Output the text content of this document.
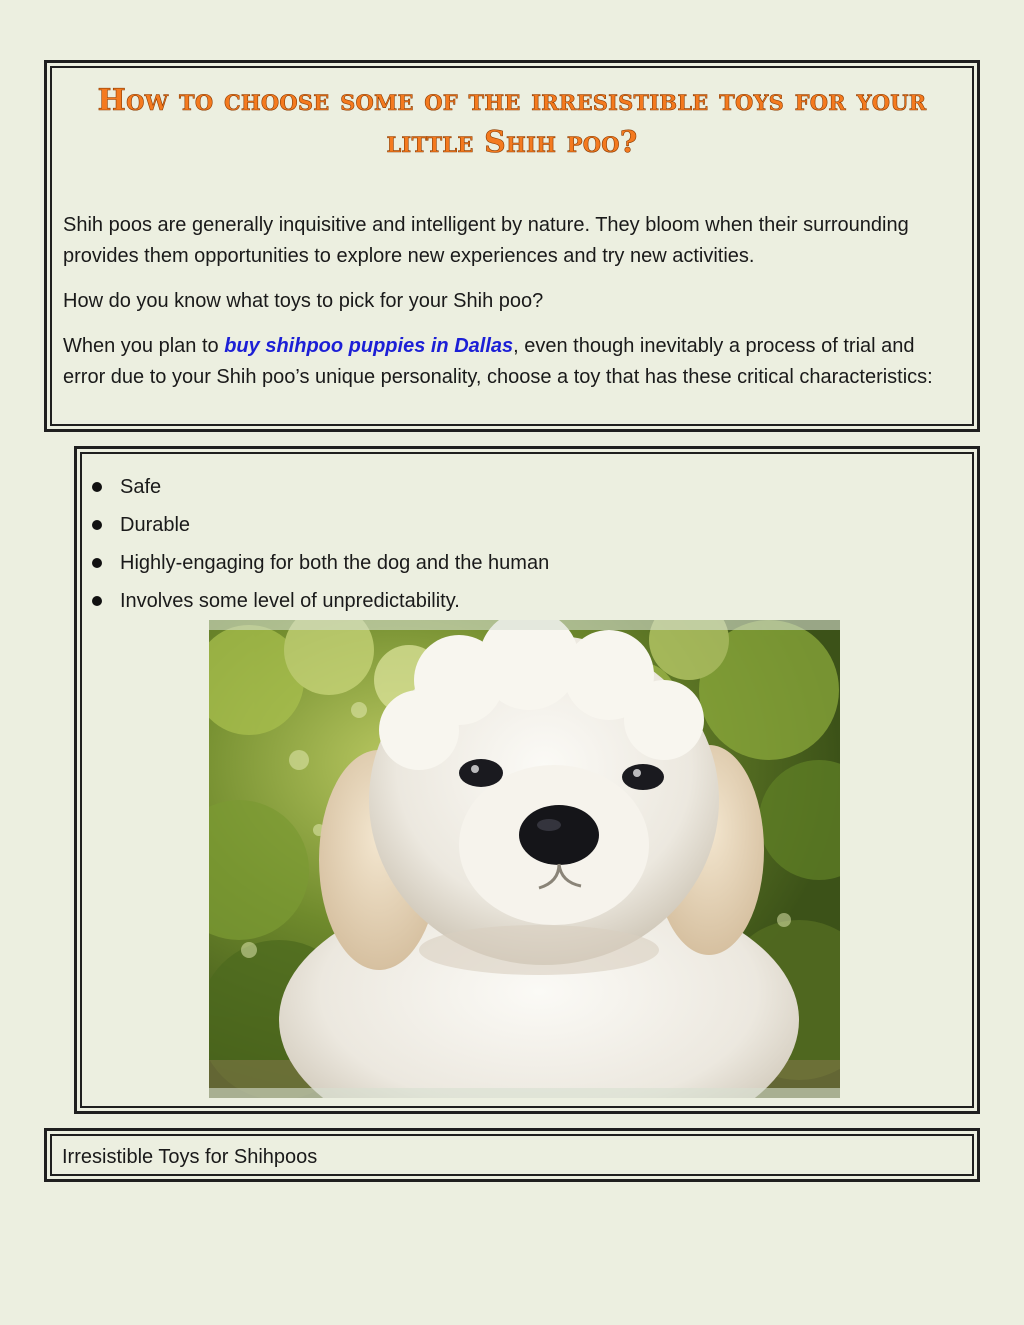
How to choose some of the irresistible toys for your
little Shih poo?

Shih poos are generally inquisitive and intelligent by nature. They bloom when their surrounding provides them opportunities to explore new experiences and try new activities.

How do you know what toys to pick for your Shih poo?

When you plan to buy shihpoo puppies in Dallas, even though inevitably a process of trial and error due to your Shih poo’s unique personality, choose a toy that has these critical characteristics:

Safe
Durable
Highly-engaging for both the dog and the human
Involves some level of unpredictability.
Irresistible Toys for Shihpoos
